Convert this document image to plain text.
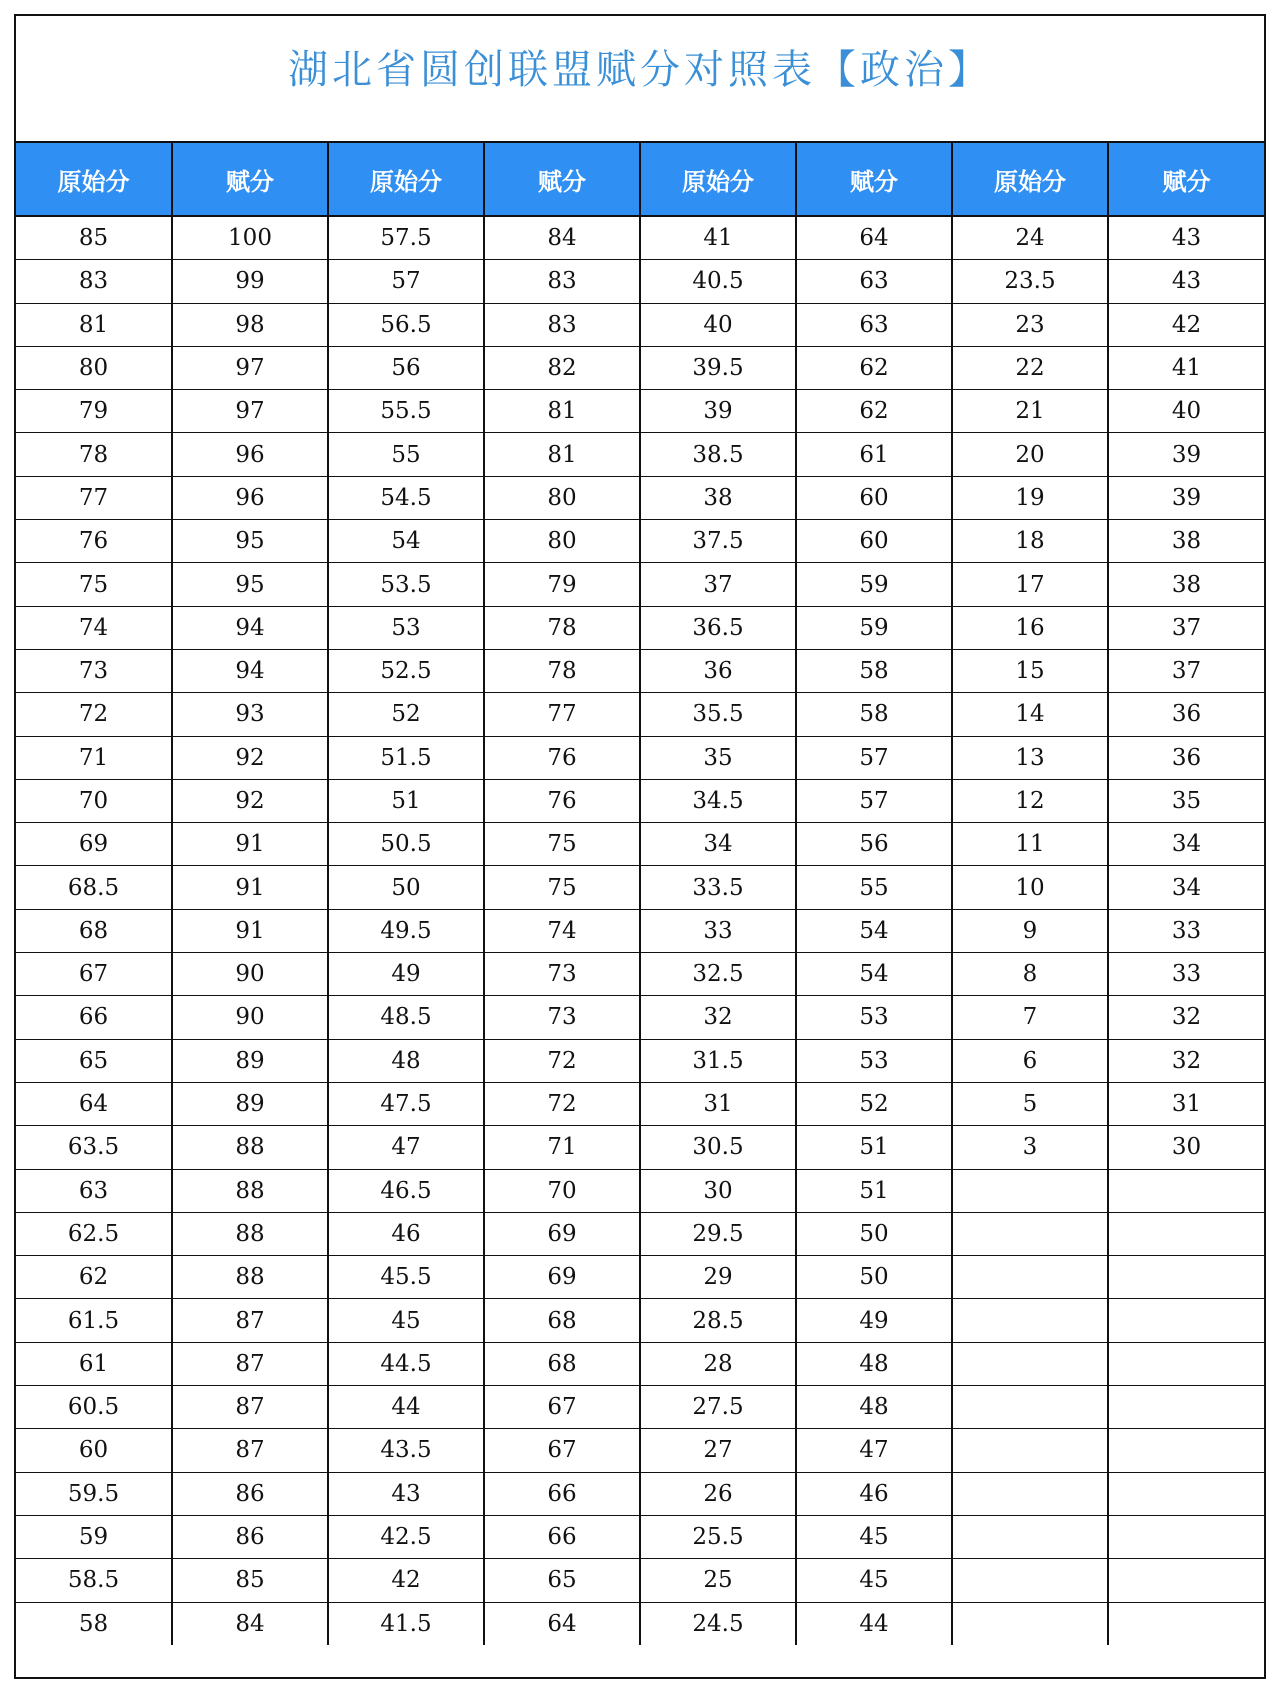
湖北省圆创联盟赋分对照表【政治】
原始分	赋分	原始分	赋分	原始分	赋分	原始分	赋分
85	100	57.5	84	41	64	24	43
83	99	57	83	40.5	63	23.5	43
81	98	56.5	83	40	63	23	42
80	97	56	82	39.5	62	22	41
79	97	55.5	81	39	62	21	40
78	96	55	81	38.5	61	20	39
77	96	54.5	80	38	60	19	39
76	95	54	80	37.5	60	18	38
75	95	53.5	79	37	59	17	38
74	94	53	78	36.5	59	16	37
73	94	52.5	78	36	58	15	37
72	93	52	77	35.5	58	14	36
71	92	51.5	76	35	57	13	36
70	92	51	76	34.5	57	12	35
69	91	50.5	75	34	56	11	34
68.5	91	50	75	33.5	55	10	34
68	91	49.5	74	33	54	9	33
67	90	49	73	32.5	54	8	33
66	90	48.5	73	32	53	7	32
65	89	48	72	31.5	53	6	32
64	89	47.5	72	31	52	5	31
63.5	88	47	71	30.5	51	3	30
63	88	46.5	70	30	51		
62.5	88	46	69	29.5	50		
62	88	45.5	69	29	50		
61.5	87	45	68	28.5	49		
61	87	44.5	68	28	48		
60.5	87	44	67	27.5	48		
60	87	43.5	67	27	47		
59.5	86	43	66	26	46		
59	86	42.5	66	25.5	45		
58.5	85	42	65	25	45		
58	84	41.5	64	24.5	44		
